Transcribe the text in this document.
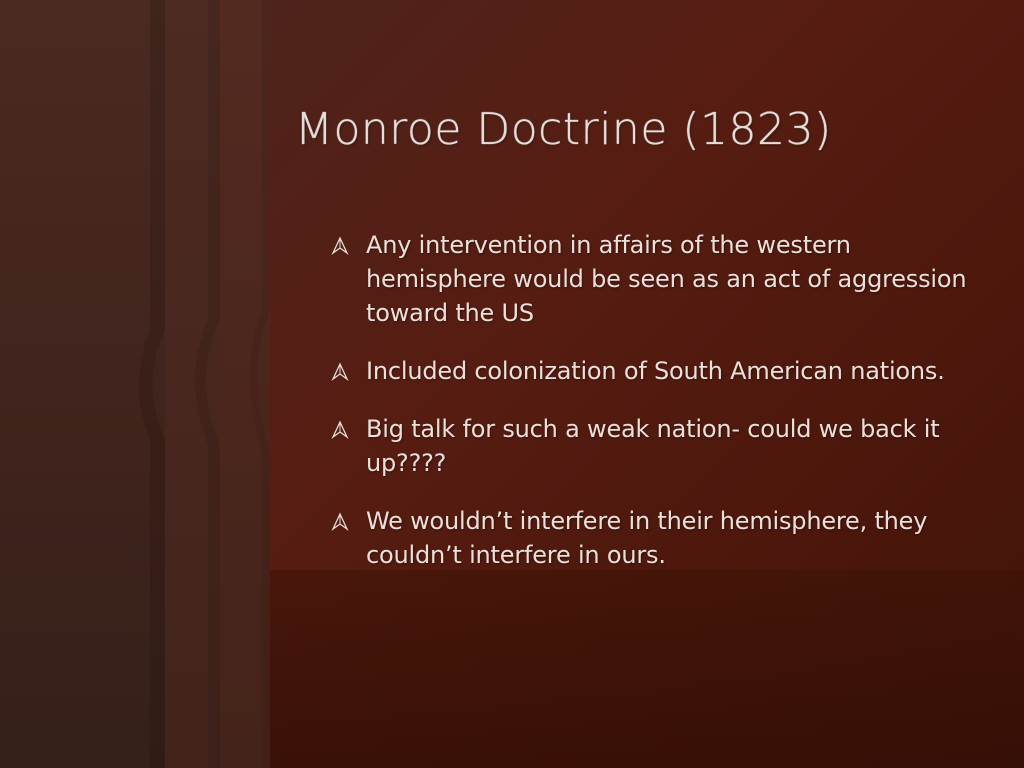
Monroe Doctrine (1823)
Any intervention in affairs of the western hemisphere would be seen as an act of aggression toward the US
Included colonization of South American nations.
Big talk for such a weak nation- could we back it up????
We wouldn’t interfere in their hemisphere, they couldn’t interfere in ours.
